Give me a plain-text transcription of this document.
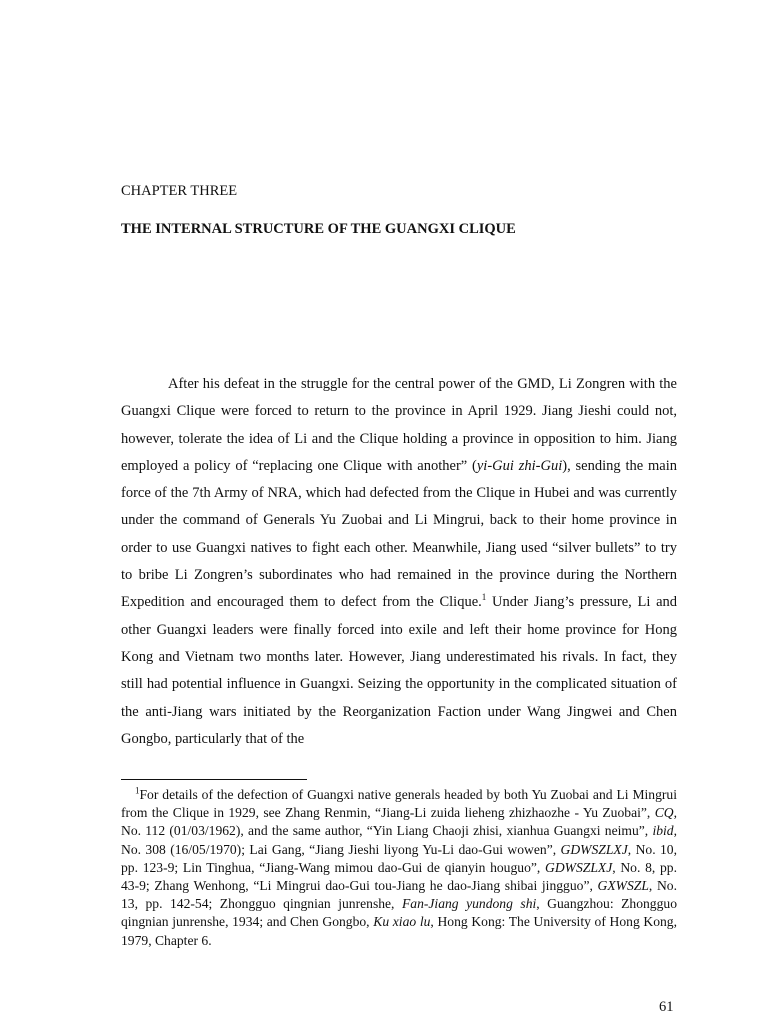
CHAPTER THREE
THE INTERNAL STRUCTURE OF THE GUANGXI CLIQUE

After his defeat in the struggle for the central power of the GMD, Li Zongren with the Guangxi Clique were forced to return to the province in April 1929. Jiang Jieshi could not, however, tolerate the idea of Li and the Clique holding a province in opposition to him. Jiang employed a policy of “replacing one Clique with another” (yi-Gui zhi-Gui), sending the main force of the 7th Army of NRA, which had defected from the Clique in Hubei and was currently under the command of Generals Yu Zuobai and Li Mingrui, back to their home province in order to use Guangxi natives to fight each other. Meanwhile, Jiang used “silver bullets” to try to bribe Li Zongren’s subordinates who had remained in the province during the Northern Expedition and encouraged them to defect from the Clique.$^1$ Under Jiang’s pressure, Li and other Guangxi leaders were finally forced into exile and left their home province for Hong Kong and Vietnam two months later. However, Jiang underestimated his rivals. In fact, they still had potential influence in Guangxi. Seizing the opportunity in the complicated situation of the anti-Jiang wars initiated by the Reorganization Faction under Wang Jingwei and Chen Gongbo, particularly that of the

$^1$For details of the defection of Guangxi native generals headed by both Yu Zuobai and Li Mingrui from the Clique in 1929, see Zhang Renmin, “Jiang-Li zuida lieheng zhizhaozhe - Yu Zuobai”, CQ, No. 112 (01/03/1962), and the same author, “Yin Liang Chaoji zhisi, xianhua Guangxi neimu”, ibid, No. 308 (16/05/1970); Lai Gang, “Jiang Jieshi liyong Yu-Li dao-Gui wowen”, GDWSZLXJ, No. 10, pp. 123-9; Lin Tinghua, “Jiang-Wang mimou dao-Gui de qianyin houguo”, GDWSZLXJ, No. 8, pp. 43-9; Zhang Wenhong, “Li Mingrui dao-Gui tou-Jiang he dao-Jiang shibai jingguo”, GXWSZL, No. 13, pp. 142-54; Zhongguo qingnian junrenshe, Fan-Jiang yundong shi, Guangzhou: Zhongguo qingnian junrenshe, 1934; and Chen Gongbo, Ku xiao lu, Hong Kong: The University of Hong Kong, 1979, Chapter 6.

61
